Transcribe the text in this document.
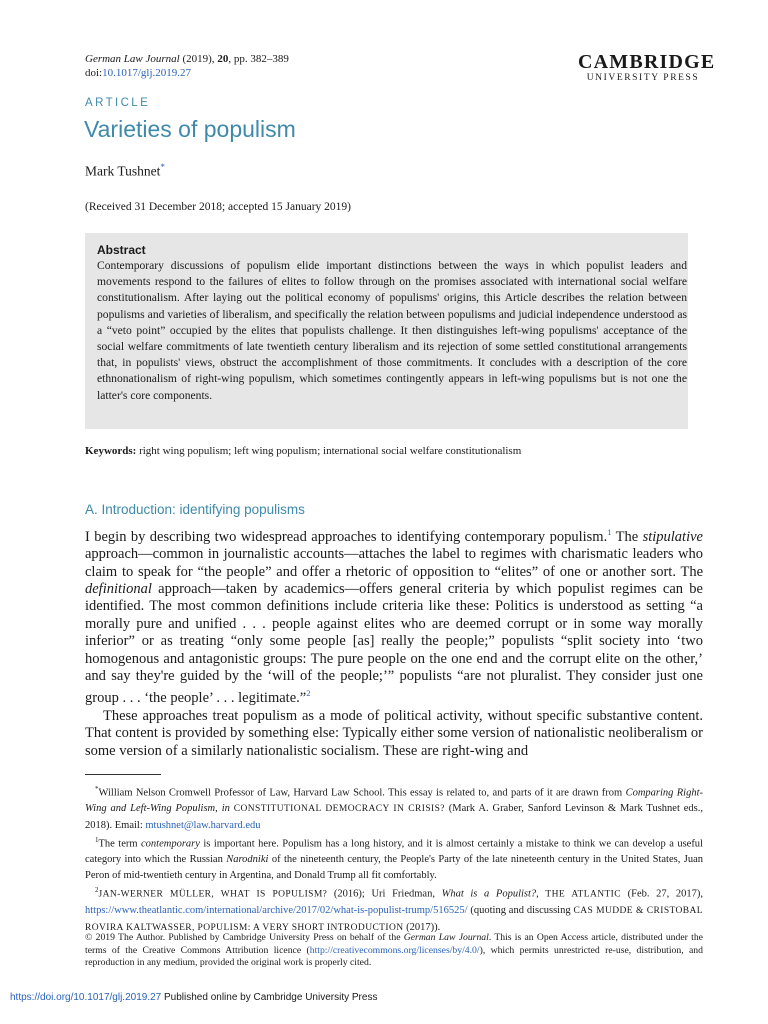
German Law Journal (2019), 20, pp. 382–389
doi:10.1017/glj.2019.27	CAMBRIDGE
UNIVERSITY PRESS
ARTICLE
Varieties of populism
Mark Tushnet*
(Received 31 December 2018; accepted 15 January 2019)
Abstract
Contemporary discussions of populism elide important distinctions between the ways in which populist leaders and movements respond to the failures of elites to follow through on the promises associated with international social welfare constitutionalism. After laying out the political economy of populisms' origins, this Article describes the relation between populisms and varieties of liberalism, and specifically the relation between populisms and judicial independence understood as a “veto point” occupied by the elites that populists challenge. It then distinguishes left-wing populisms' acceptance of the social welfare commitments of late twentieth century liberalism and its rejection of some settled constitutional arrangements that, in populists' views, obstruct the accomplishment of those commitments. It concludes with a description of the core ethnonationalism of right-wing populism, which sometimes contingently appears in left-wing populisms but is not one the latter's core components.
Keywords: right wing populism; left wing populism; international social welfare constitutionalism
A. Introduction: identifying populisms

I begin by describing two widespread approaches to identifying contemporary populism.$^1$ The stipulative approach—common in journalistic accounts—attaches the label to regimes with charismatic leaders who claim to speak for “the people” and offer a rhetoric of opposition to “elites” of one or another sort. The definitional approach—taken by academics—offers general criteria by which populist regimes can be identified. The most common definitions include criteria like these: Politics is understood as setting “a morally pure and unified . . . people against elites who are deemed corrupt or in some way morally inferior” or as treating “only some people [as] really the people;” populists “split society into ‘two homogenous and antagonistic groups: The pure people on the one end and the corrupt elite on the other,’ and say they're guided by the ‘will of the people;’” populists “are not pluralist. They consider just one group . . . ‘the people’ . . . legitimate.”$^2$

These approaches treat populism as a mode of political activity, without specific substantive content. That content is provided by something else: Typically either some version of nationalistic neoliberalism or some version of a similarly nationalistic socialism. These are right-wing and

*William Nelson Cromwell Professor of Law, Harvard Law School. This essay is related to, and parts of it are drawn from Comparing Right-Wing and Left-Wing Populism, in CONSTITUTIONAL DEMOCRACY IN CRISIS? (Mark A. Graber, Sanford Levinson & Mark Tushnet eds., 2018). Email: mtushnet@law.harvard.edu

$^1$The term contemporary is important here. Populism has a long history, and it is almost certainly a mistake to think we can develop a useful category into which the Russian Narodniki of the nineteenth century, the People's Party of the late nineteenth century in the United States, Juan Peron of mid-twentieth century in Argentina, and Donald Trump all fit comfortably.

$^2$JAN-WERNER MÜLLER, WHAT IS POPULISM? (2016); Uri Friedman, What is a Populist?, THE ATLANTIC (Feb. 27, 2017), https://www.theatlantic.com/international/archive/2017/02/what-is-populist-trump/516525/ (quoting and discussing CAS MUDDE & CRISTOBAL ROVIRA KALTWASSER, POPULISM: A VERY SHORT INTRODUCTION (2017)).

© 2019 The Author. Published by Cambridge University Press on behalf of the German Law Journal. This is an Open Access article, distributed under the terms of the Creative Commons Attribution licence (http://creativecommons.org/licenses/by/4.0/), which permits unrestricted re-use, distribution, and reproduction in any medium, provided the original work is properly cited.
https://doi.org/10.1017/glj.2019.27 Published online by Cambridge University Press
